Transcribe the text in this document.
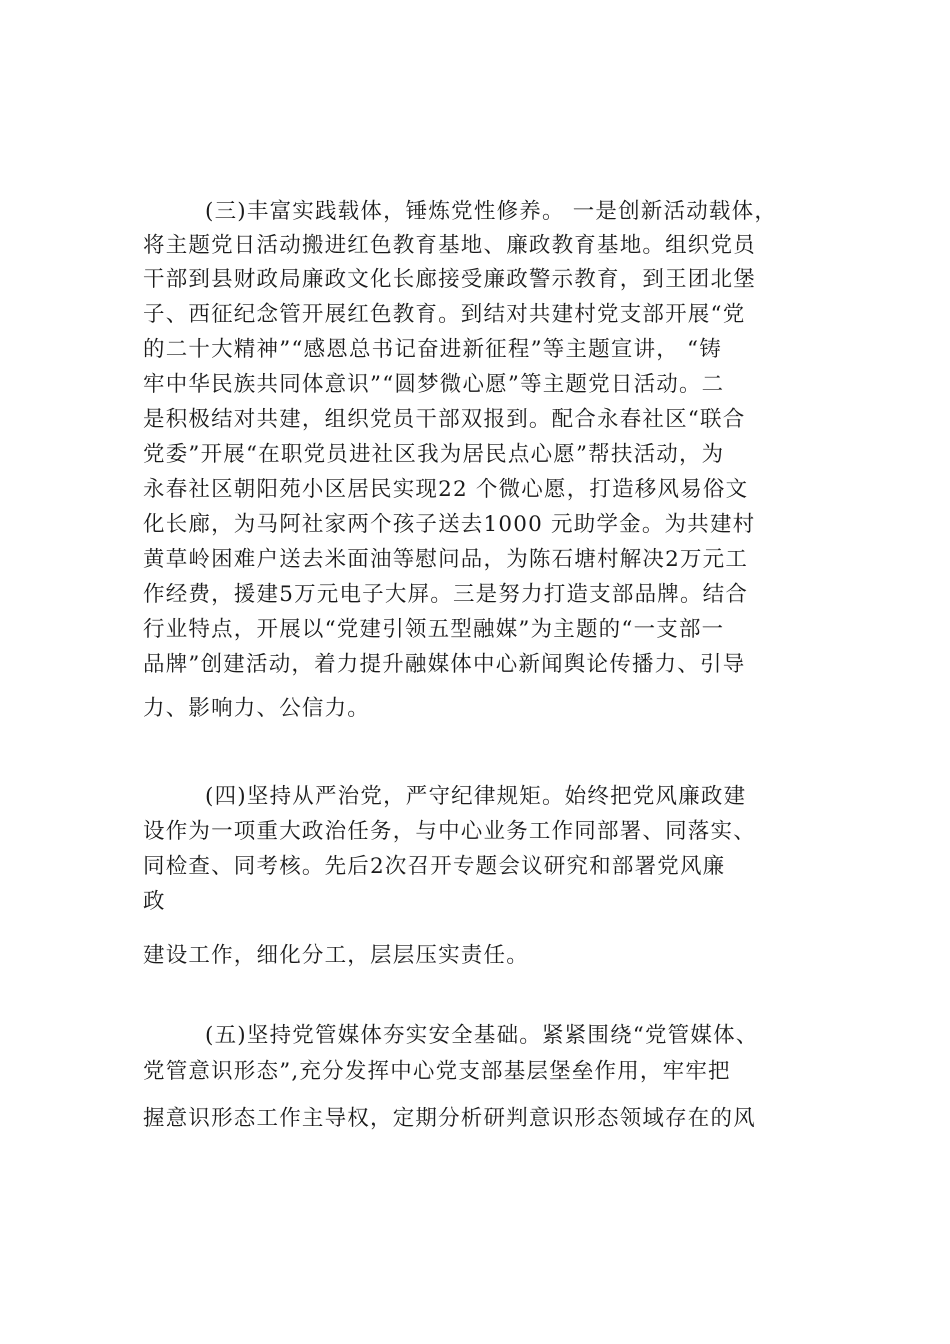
(三)丰富实践载体，锤炼党性修养。 一是创新活动载体，
将主题党日活动搬进红色教育基地、廉政教育基地。组织党员
干部到县财政局廉政文化长廊接受廉政警示教育，到王团北堡
子、西征纪念管开展红色教育。到结对共建村党支部开展“党
的二十大精神”“感恩总书记奋进新征程”等主题宣讲， “铸
牢中华民族共同体意识”“圆梦微心愿”等主题党日活动。二
是积极结对共建，组织党员干部双报到。配合永春社区“联合
党委”开展“在职党员进社区我为居民点心愿”帮扶活动，为
永春社区朝阳苑小区居民实现22 个微心愿，打造移风易俗文
化长廊，为马阿社家两个孩子送去1000 元助学金。为共建村
黄草岭困难户送去米面油等慰问品，为陈石塘村解决2万元工
作经费，援建5万元电子大屏。三是努力打造支部品牌。结合
行业特点，开展以“党建引领五型融媒”为主题的“一支部一
品牌”创建活动，着力提升融媒体中心新闻舆论传播力、引导
力、影响力、公信力。
(四)坚持从严治党，严守纪律规矩。始终把党风廉政建
设作为一项重大政治任务，与中心业务工作同部署、同落实、
同检查、同考核。先后2次召开专题会议研究和部署党风廉
政
建设工作，细化分工，层层压实责任。
(五)坚持党管媒体夯实安全基础。紧紧围绕“党管媒体、
党管意识形态”,充分发挥中心党支部基层堡垒作用，牢牢把
握意识形态工作主导权，定期分析研判意识形态领域存在的风
